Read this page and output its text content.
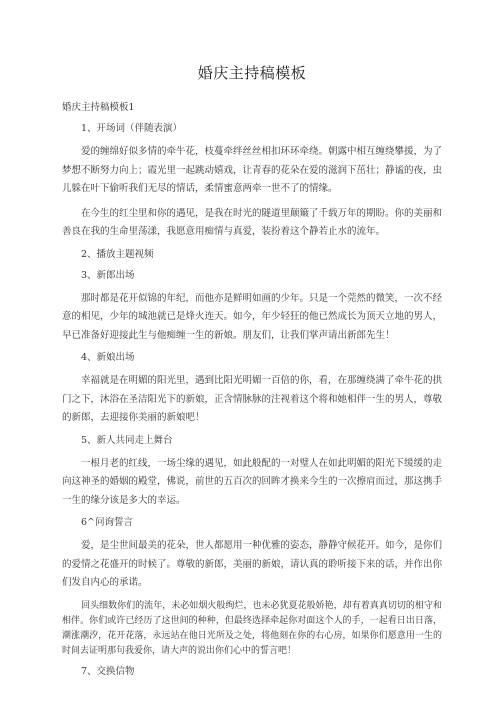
婚庆主持稿模板
婚庆主持稿模板1
1、开场词（伴随表演）
爱的缠绵好似多情的牵牛花，枝蔓牵绊丝丝相扣环环牵绕。朝露中相互缠绕攀援，为了梦想不断努力向上；霞光里一起跳动嬉戏，让青春的花朵在爱的滋润下茁壮；静谧的夜，虫儿躲在叶下偷听我们无尽的情话，柔情蜜意两牵一世不了的情缘。
在今生的红尘里和你的遇见，是我在时光的隧道里颠簸了千载万年的期盼。你的美丽和善良在我的生命里荡漾，我愿意用痴情与真爱，装扮着这个静若止水的流年。
2、播放主题视频
3、新郎出场
那时都是花开似锦的年纪，而他亦是鲜明如画的少年。只是一个莞然的微笑，一次不经意的相见，少年的城池就已是烽火连天。如今，年少轻狂的他已然成长为顶天立地的男人，早已准备好迎接此生与他痴缠一生的新娘。朋友们，让我们掌声请出新郎先生！
4、新娘出场
幸福就是在明媚的阳光里，遇到比阳光明媚一百倍的你，看，在那缠绕满了牵牛花的拱门之下，沐浴在圣洁阳光下的新娘，正含情脉脉的注视着这个将和她相伴一生的男人，尊敬的新郎，去迎接你美丽的新娘吧！
5、新人共同走上舞台
一根月老的红线，一场尘缘的遇见，如此般配的一对璧人在如此明媚的阳光下缓缓的走向这神圣的婚姻的殿堂，佛说，前世的五百次的回眸才换来今生的一次擦肩而过，那这携手一生的缘分该是多大的幸运。
6^问询誓言
爱，是尘世间最美的花朵，世人都愿用一种优雅的姿态，静静守候花开。如今，是你们的爱情之花盛开的时候了。尊敬的新郎，美丽的新娘，请认真的聆听接下来的话，并作出你们发自内心的承诺。
回头细数你们的流年，未必如烟火般绚烂，也未必犹夏花般娇艳，却有着真真切切的相守和相伴。你们或许已经历了这世间的种种，但最终选择牵起你对面这个人的手，一起看日出日落，潮涨潮汐，花开花落，永远站在他日光所及之处，将他刻在你的右心房，如果你们愿意用一生的时间去证明那句我爱你，请大声的说出你们心中的誓言吧！
7、交换信物
